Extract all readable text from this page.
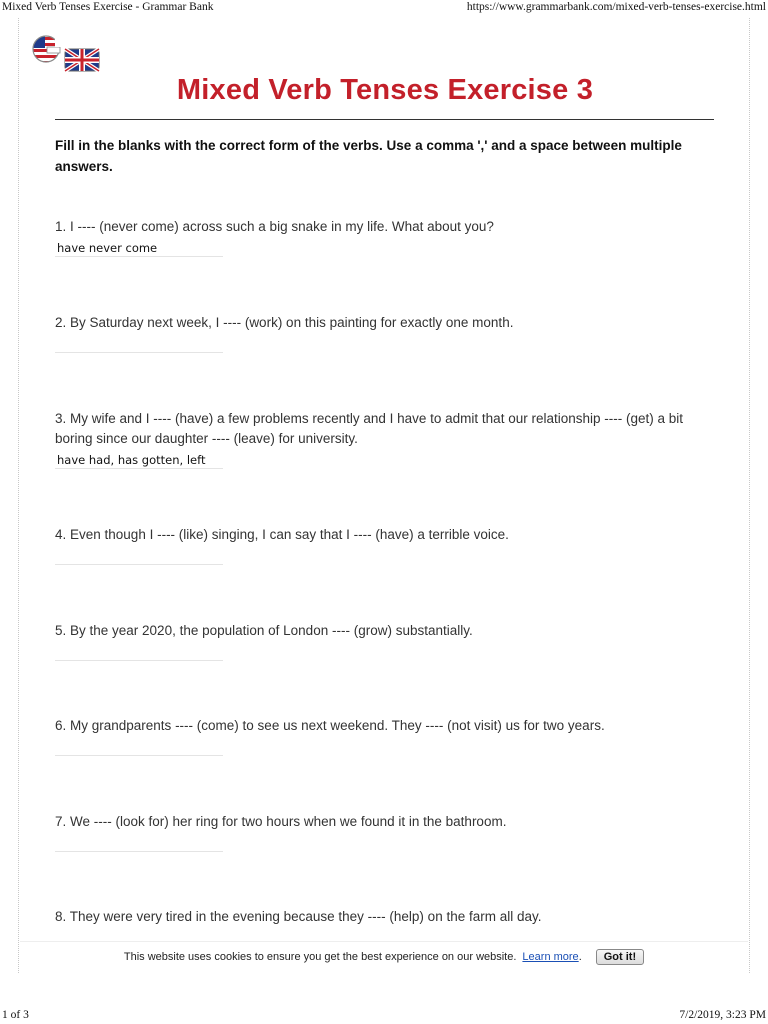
Mixed Verb Tenses Exercise - Grammar Bank	https://www.grammarbank.com/mixed-verb-tenses-exercise.html
Mixed Verb Tenses Exercise 3
Fill in the blanks with the correct form of the verbs. Use a comma ',' and a space between multiple answers.
1. I ---- (never come) across such a big snake in my life. What about you?
have never come
2. By Saturday next week, I ---- (work) on this painting for exactly one month.
3. My wife and I ---- (have) a few problems recently and I have to admit that our relationship ---- (get) a bit boring since our daughter ---- (leave) for university.
have had, has gotten, left
4. Even though I ---- (like) singing, I can say that I ---- (have) a terrible voice.
5. By the year 2020, the population of London ---- (grow) substantially.
6. My grandparents ---- (come) to see us next weekend. They ---- (not visit) us for two years.
7. We ---- (look for) her ring for two hours when we found it in the bathroom.
8. They were very tired in the evening because they ---- (help) on the farm all day.
This website uses cookies to ensure you get the best experience on our website. Learn more .	Got it!
1 of 3	7/2/2019, 3:23 PM
